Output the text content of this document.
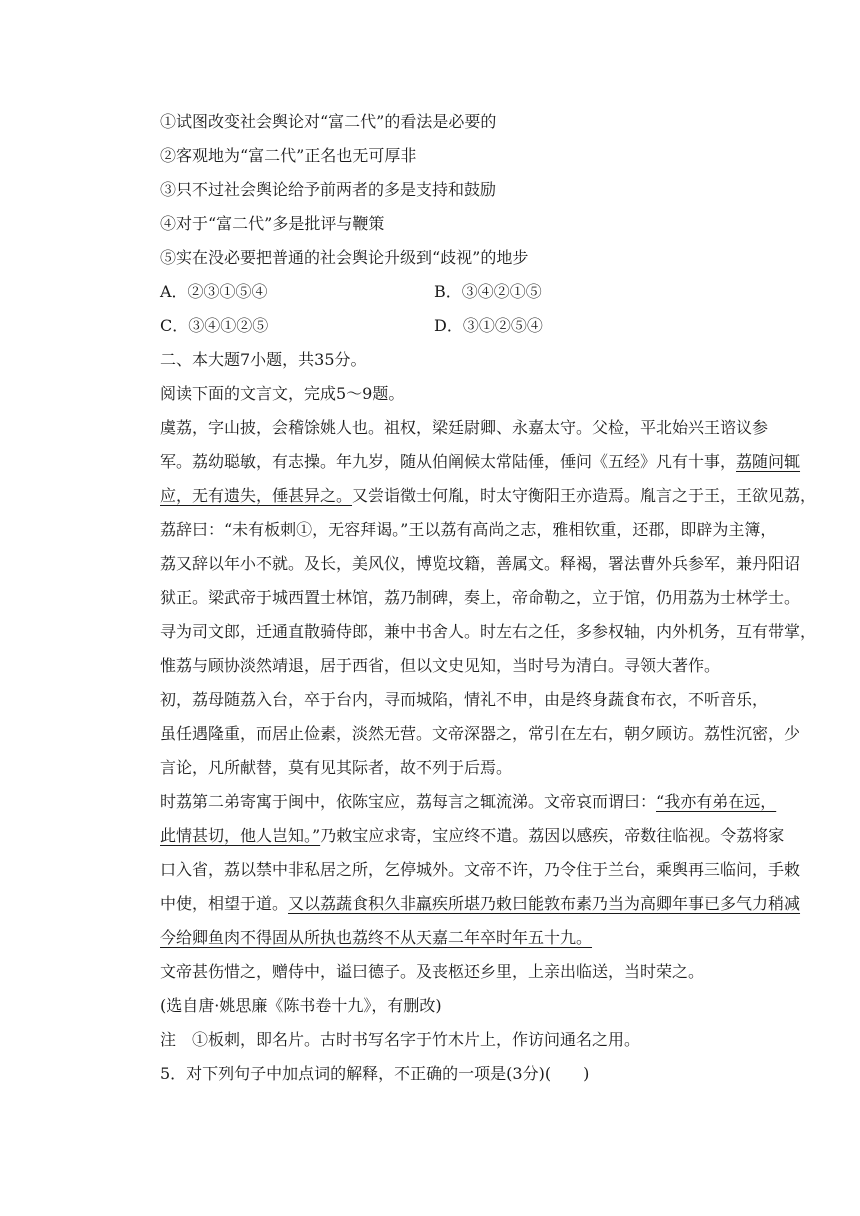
①试图改变社会舆论对“富二代”的看法是必要的
②客观地为“富二代”正名也无可厚非
③只不过社会舆论给予前两者的多是支持和鼓励
④对于“富二代”多是批评与鞭策
⑤实在没必要把普通的社会舆论升级到“歧视”的地步
A．②③①⑤④	B．③④②①⑤
C．③④①②⑤	D．③①②⑤④
二、本大题7小题，共35分。
阅读下面的文言文，完成5～9题。
虞荔，字山披，会稽馀姚人也。祖权，梁廷尉卿、永嘉太守。父检，平北始兴王谘议参
军。荔幼聪敏，有志操。年九岁，随从伯阐候太常陆倕，倕问《五经》凡有十事，荔随问辄
应，无有遗失，倕甚异之。又尝诣徵士何胤，时太守衡阳王亦造焉。胤言之于王，王欲见荔，
荔辞曰：“未有板刺①，无容拜谒。”王以荔有高尚之志，雅相钦重，还郡，即辟为主簿，
荔又辞以年小不就。及长，美风仪，博览坟籍，善属文。释褐，署法曹外兵参军，兼丹阳诏
狱正。梁武帝于城西置士林馆，荔乃制碑，奏上，帝命勒之，立于馆，仍用荔为士林学士。
寻为司文郎，迁通直散骑侍郎，兼中书舍人。时左右之任，多参权轴，内外机务，互有带掌，
惟荔与顾协淡然靖退，居于西省，但以文史见知，当时号为清白。寻领大著作。
初，荔母随荔入台，卒于台内，寻而城陷，情礼不申，由是终身蔬食布衣，不听音乐，
虽任遇隆重，而居止俭素，淡然无营。文帝深器之，常引在左右，朝夕顾访。荔性沉密，少
言论，凡所献替，莫有见其际者，故不列于后焉。
时荔第二弟寄寓于闽中，依陈宝应，荔每言之辄流涕。文帝哀而谓曰：“我亦有弟在远，
此情甚切，他人岂知。”乃敕宝应求寄，宝应终不遣。荔因以感疾，帝数往临视。令荔将家
口入省，荔以禁中非私居之所，乞停城外。文帝不许，乃令住于兰台，乘舆再三临问，手敕
中使，相望于道。又以荔蔬食积久非羸疾所堪乃敕曰能敦布素乃当为高卿年事已多气力稍减
今给卿鱼肉不得固从所执也荔终不从天嘉二年卒时年五十九。
文帝甚伤惜之，赠侍中，谥曰德子。及丧柩还乡里，上亲出临送，当时荣之。
(选自唐·姚思廉《陈书卷十九》，有删改)
注　①板刺，即名片。古时书写名字于竹木片上，作访问通名之用。
5．对下列句子中加点词的解释，不正确的一项是(3分)(　　)
